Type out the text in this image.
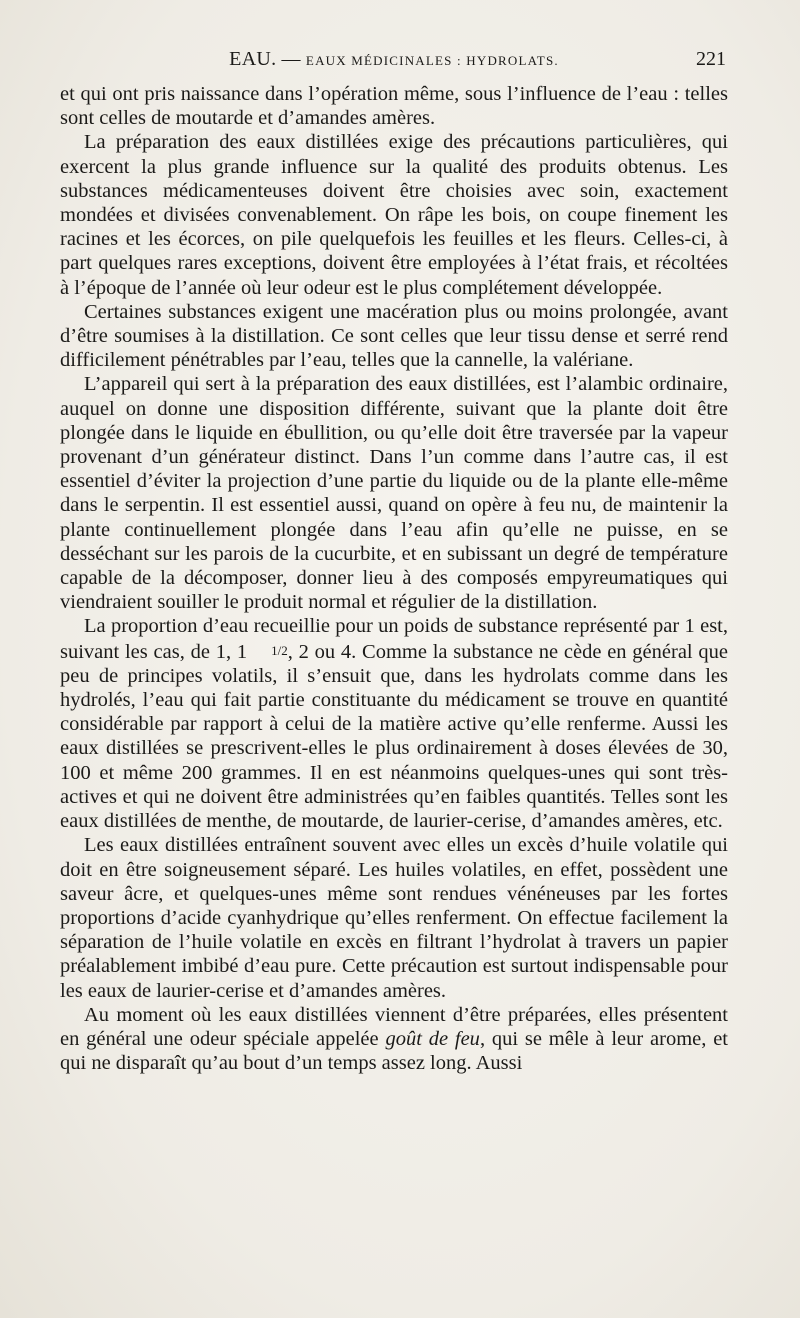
EAU. — EAUX MÉDICINALES : HYDROLATS.	221

et qui ont pris naissance dans l’opération même, sous l’influence de l’eau : telles sont celles de moutarde et d’amandes amères.

La préparation des eaux distillées exige des précautions particulières, qui exercent la plus grande influence sur la qualité des produits obtenus. Les substances médicamenteuses doivent être choisies avec soin, exactement mondées et divisées convenablement. On râpe les bois, on coupe finement les racines et les écorces, on pile quelquefois les feuilles et les fleurs. Celles-ci, à part quelques rares exceptions, doivent être employées à l’état frais, et récoltées à l’époque de l’année où leur odeur est le plus complétement développée.

Certaines substances exigent une macération plus ou moins prolongée, avant d’être soumises à la distillation. Ce sont celles que leur tissu dense et serré rend difficilement pénétrables par l’eau, telles que la cannelle, la valériane.

L’appareil qui sert à la préparation des eaux distillées, est l’alambic ordinaire, auquel on donne une disposition différente, suivant que la plante doit être plongée dans le liquide en ébullition, ou qu’elle doit être traversée par la vapeur provenant d’un générateur distinct. Dans l’un comme dans l’autre cas, il est essentiel d’éviter la projection d’une partie du liquide ou de la plante elle-même dans le serpentin. Il est essentiel aussi, quand on opère à feu nu, de maintenir la plante continuellement plongée dans l’eau afin qu’elle ne puisse, en se desséchant sur les parois de la cucurbite, et en subissant un degré de température capable de la décomposer, donner lieu à des composés empyreumatiques qui viendraient souiller le produit normal et régulier de la distillation.

La proportion d’eau recueillie pour un poids de substance représenté par 1 est, suivant les cas, de 1, 1 1/2, 2 ou 4. Comme la substance ne cède en général que peu de principes volatils, il s’ensuit que, dans les hydrolats comme dans les hydrolés, l’eau qui fait partie constituante du médicament se trouve en quantité considérable par rapport à celui de la matière active qu’elle renferme. Aussi les eaux distillées se prescrivent-elles le plus ordinairement à doses élevées de 30, 100 et même 200 grammes. Il en est néanmoins quelques-unes qui sont très-actives et qui ne doivent être administrées qu’en faibles quantités. Telles sont les eaux distillées de menthe, de moutarde, de laurier-cerise, d’amandes amères, etc.

Les eaux distillées entraînent souvent avec elles un excès d’huile volatile qui doit en être soigneusement séparé. Les huiles volatiles, en effet, possèdent une saveur âcre, et quelques-unes même sont rendues vénéneuses par les fortes proportions d’acide cyanhydrique qu’elles renferment. On effectue facilement la séparation de l’huile volatile en excès en filtrant l’hydrolat à travers un papier préalablement imbibé d’eau pure. Cette précaution est surtout indispensable pour les eaux de laurier-cerise et d’amandes amères.

Au moment où les eaux distillées viennent d’être préparées, elles présentent en général une odeur spéciale appelée goût de feu, qui se mêle à leur arome, et qui ne disparaît qu’au bout d’un temps assez long. Aussi
